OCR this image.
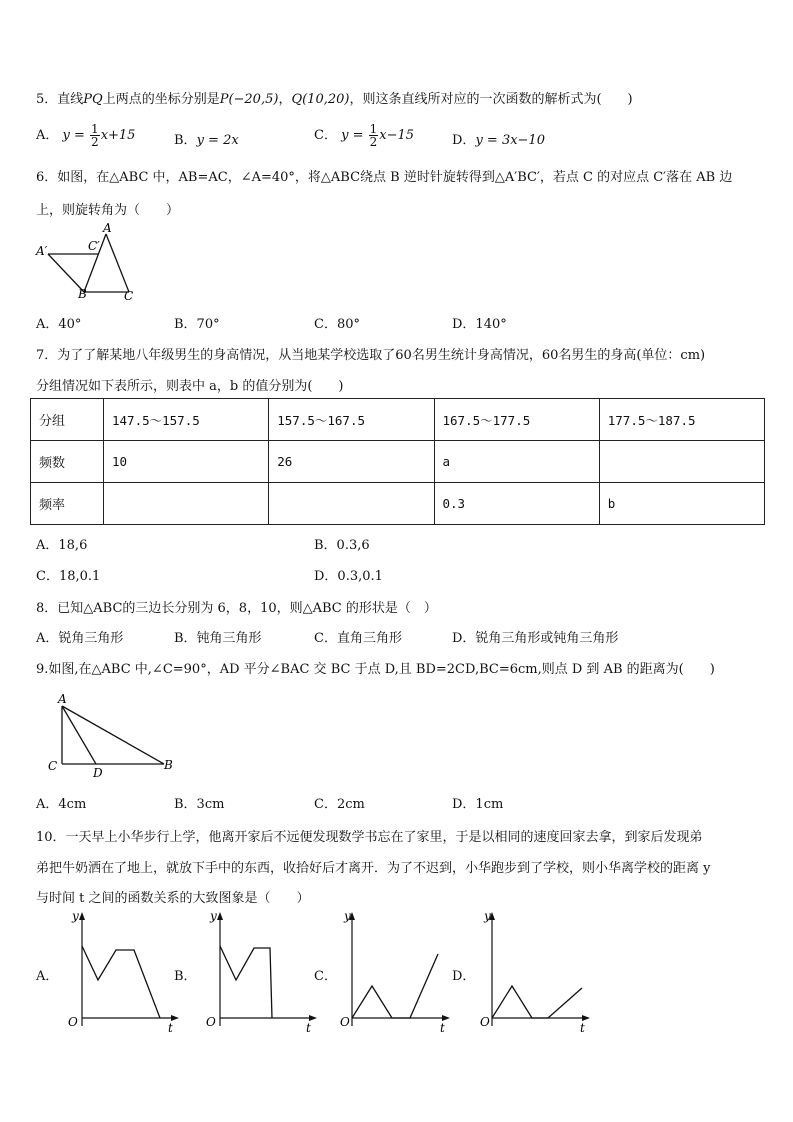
5．直线PQ上两点的坐标分别是P(−20,5)，Q(10,20)，则这条直线所对应的一次函数的解析式为(　　)
A． $y = \frac{1}{2} x+15$	B．y = 2x	C． $y = \frac{1}{2} x-15$	D．y = 3x−10
6．如图，在△ABC 中，AB=AC，∠A=40°，将△ABC绕点 B 逆时针旋转得到△A′BC′，若点 C 的对应点 C′落在 AB 边
上，则旋转角为（　　）
A
C′
A′
B	C
A．40°	B．70°	C．80°	D．140°
7．为了了解某地八年级男生的身高情况，从当地某学校选取了60名男生统计身高情况，60名男生的身高(单位：cm)
分组情况如下表所示，则表中 a，b 的值分别为(　　)
分组	147.5～157.5	157.5～167.5	167.5～177.5	177.5～187.5
频数	10	26	a	
频率			0.3	b
A．18,6	B．0.3,6
C．18,0.1	D．0.3,0.1
8．已知△ABC的三边长分别为 6，8，10，则△ABC 的形状是（　）
A．锐角三角形	B．钝角三角形	C．直角三角形	D．锐角三角形或钝角三角形
9.如图,在△ABC 中,∠C=90°，AD 平分∠BAC 交 BC 于点 D,且 BD=2CD,BC=6cm,则点 D 到 AB 的距离为(　　)
A
C	D
B
A．4cm	B．3cm	C．2cm	D．1cm
10．一天早上小华步行上学，他离开家后不远便发现数学书忘在了家里，于是以相同的速度回家去拿，到家后发现弟
弟把牛奶洒在了地上，就放下手中的东西，收拾好后才离开．为了不迟到，小华跑步到了学校，则小华离学校的距离 y
与时间 t 之间的函数关系的大致图象是（　　）
A．
y
t
O
B．
y
t
O
C．
y
t
O
D．
y
t
O
